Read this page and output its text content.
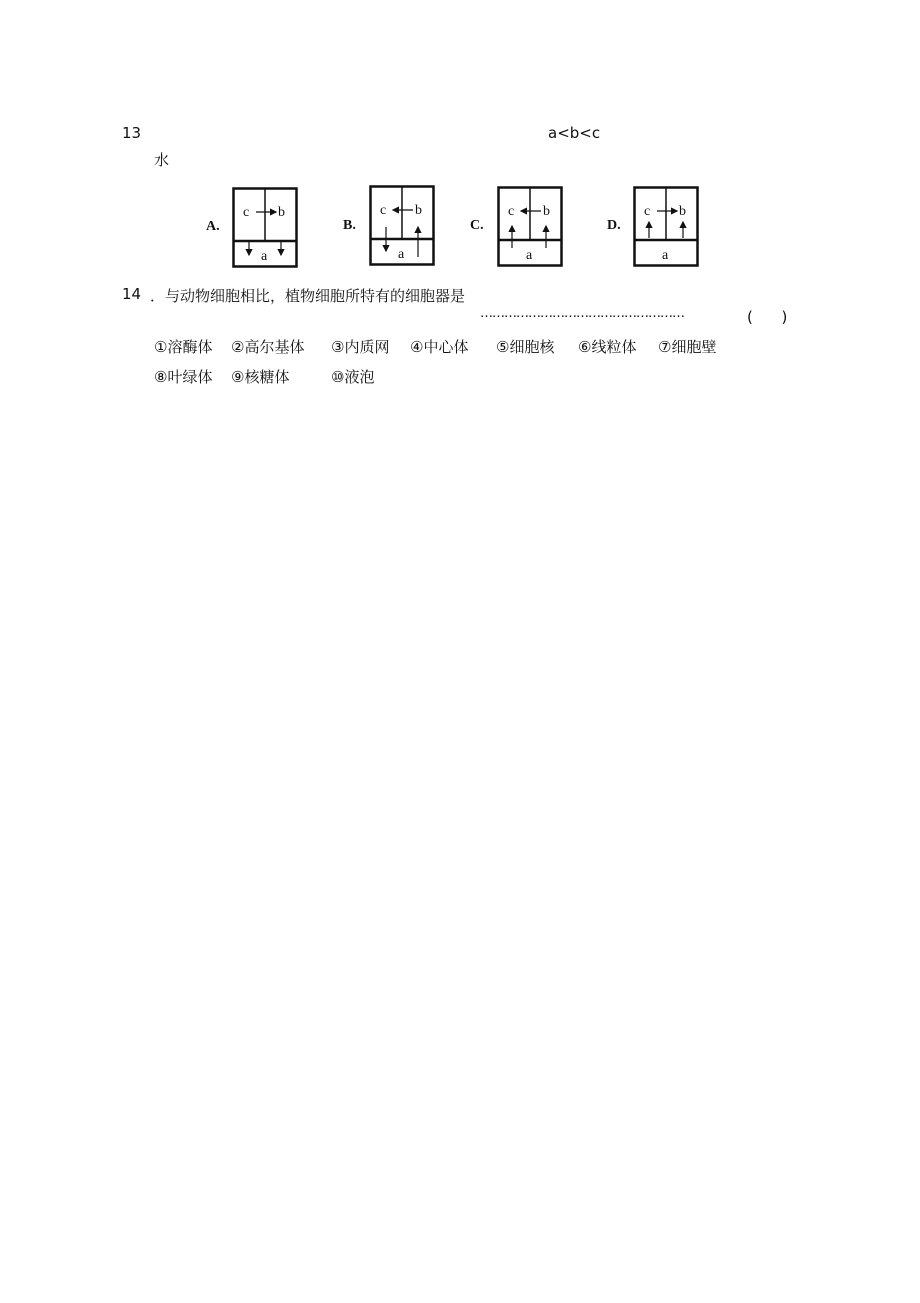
13	a<b<c
水
A.
c b
a
B.
c b
a
C.
c b
a
D.
c b
a
14 ．与动物细胞相比，植物细胞所特有的细胞器是
……………………………………………	(      )
①溶酶体 ②高尔基体 ③内质网 ④中心体 ⑤细胞核 ⑥线粒体 ⑦细胞壁
⑧叶绿体 ⑨核糖体	⑩液泡
